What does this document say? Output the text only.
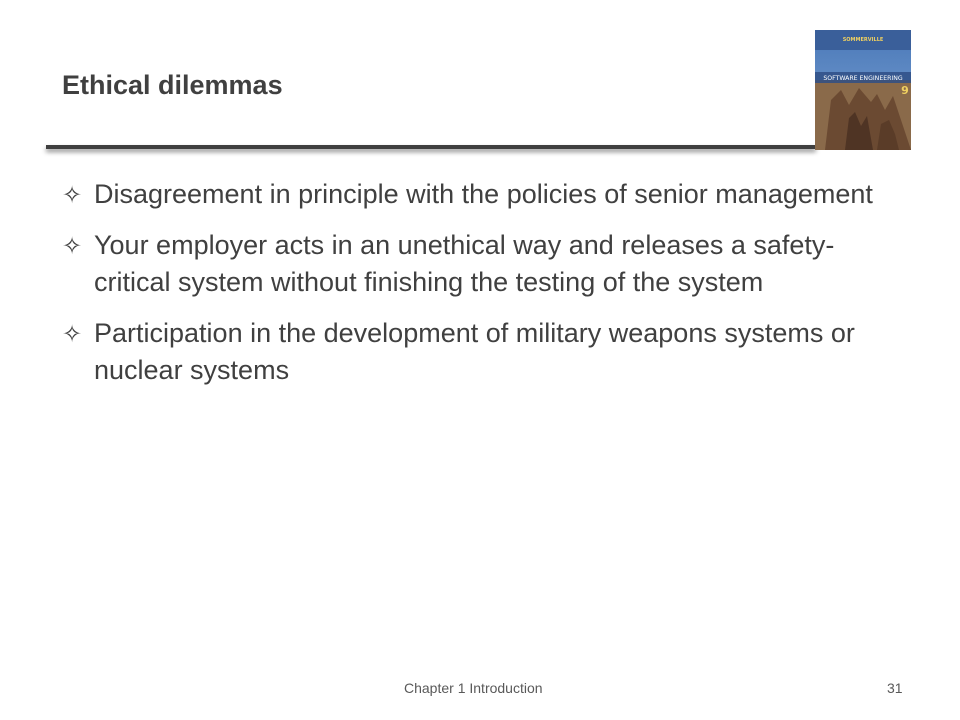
Ethical dilemmas
SOMMERVILLE
SOFTWARE ENGINEERING
9
✧ Disagreement in principle with the policies of senior management
✧ Your employer acts in an unethical way and releases a safety-critical system without finishing the testing of the system
✧ Participation in the development of military weapons systems or nuclear systems
Chapter 1 Introduction	31
